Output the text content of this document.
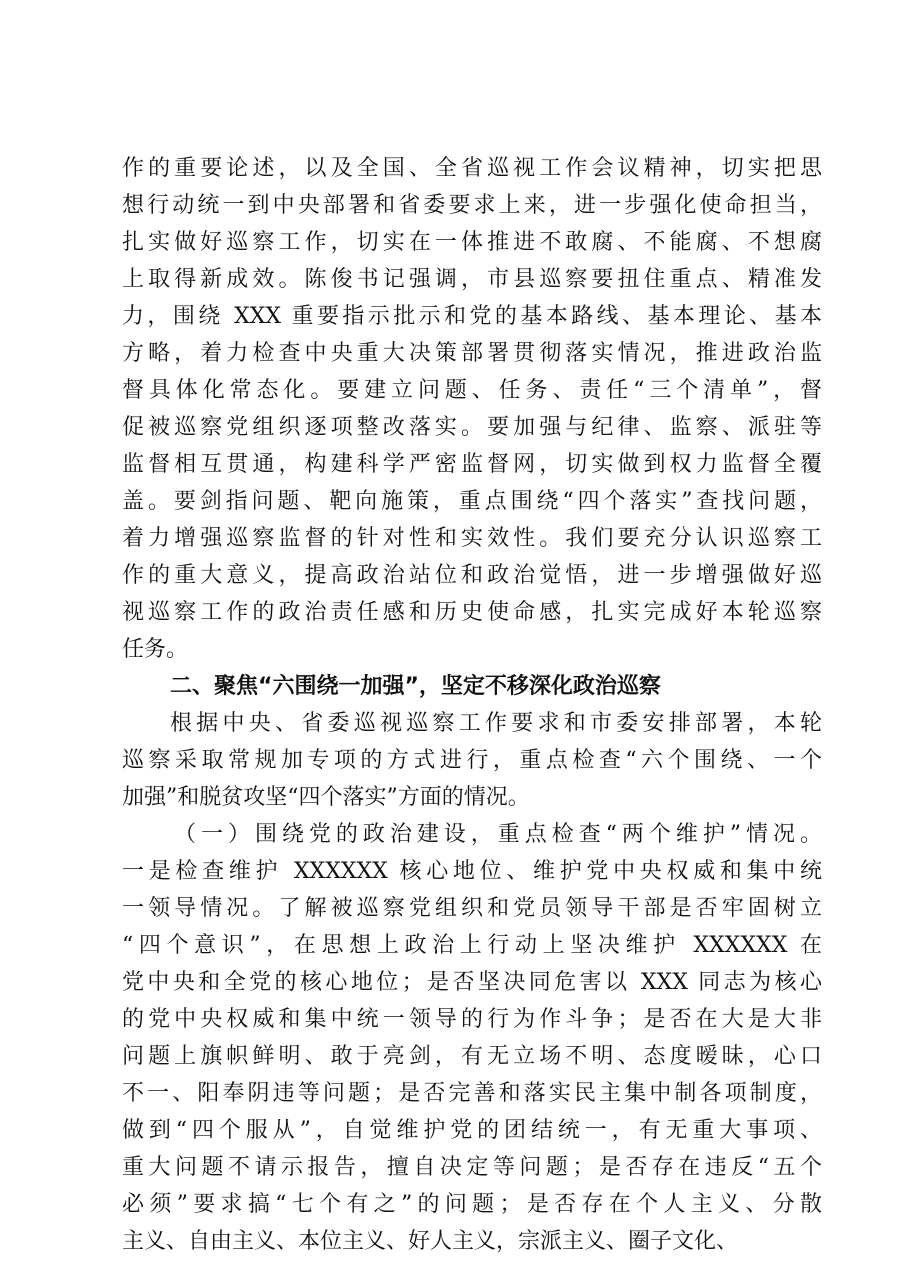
作的重要论述，以及全国、全省巡视工作会议精神，切实把思
想行动统一到中央部署和省委要求上来，进一步强化使命担当，
扎实做好巡察工作，切实在一体推进不敢腐、不能腐、不想腐
上取得新成效。陈俊书记强调，市县巡察要扭住重点、精准发
力，围绕 XXX 重要指示批示和党的基本路线、基本理论、基本
方略，着力检查中央重大决策部署贯彻落实情况，推进政治监
督具体化常态化。要建立问题、任务、责任“三个清单”，督
促被巡察党组织逐项整改落实。要加强与纪律、监察、派驻等
监督相互贯通，构建科学严密监督网，切实做到权力监督全覆
盖。要剑指问题、靶向施策，重点围绕“四个落实”查找问题，
着力增强巡察监督的针对性和实效性。我们要充分认识巡察工
作的重大意义，提高政治站位和政治觉悟，进一步增强做好巡
视巡察工作的政治责任感和历史使命感，扎实完成好本轮巡察
任务。
二、聚焦“六围绕一加强”，坚定不移深化政治巡察
根据中央、省委巡视巡察工作要求和市委安排部署，本轮
巡察采取常规加专项的方式进行，重点检查“六个围绕、一个
加强”和脱贫攻坚“四个落实”方面的情况。
（一）围绕党的政治建设，重点检查“两个维护”情况。
一是检查维护 XXXXXX 核心地位、维护党中央权威和集中统
一领导情况。了解被巡察党组织和党员领导干部是否牢固树立
“四个意识”，在思想上政治上行动上坚决维护 XXXXXX 在
党中央和全党的核心地位；是否坚决同危害以 XXX 同志为核心
的党中央权威和集中统一领导的行为作斗争；是否在大是大非
问题上旗帜鲜明、敢于亮剑，有无立场不明、态度暧昧，心口
不一、阳奉阴违等问题；是否完善和落实民主集中制各项制度，
做到“四个服从”，自觉维护党的团结统一，有无重大事项、
重大问题不请示报告，擅自决定等问题；是否存在违反“五个
必须”要求搞“七个有之”的问题；是否存在个人主义、分散
主义、自由主义、本位主义、好人主义，宗派主义、圈子文化、
